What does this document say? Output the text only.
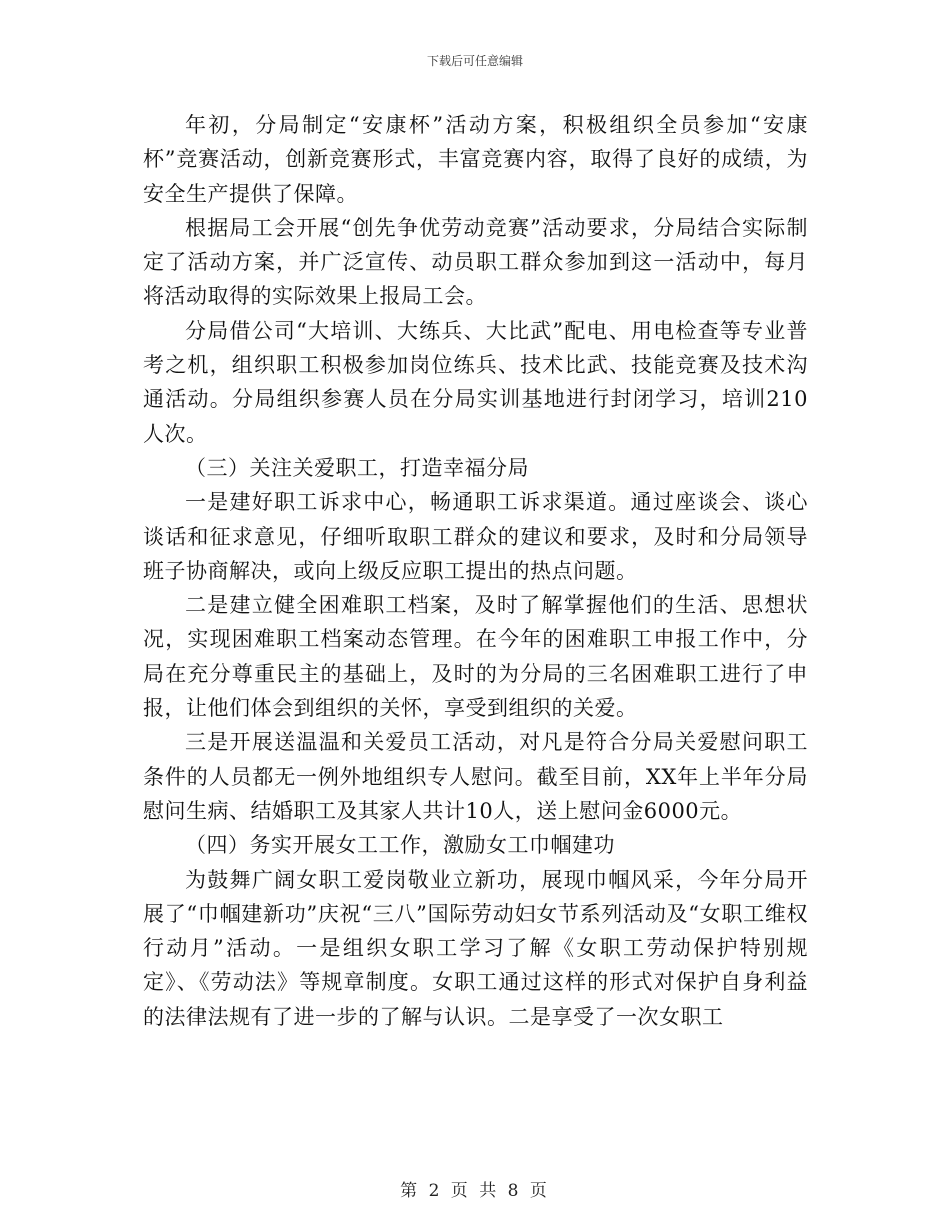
下载后可任意编辑

年初，分局制定“安康杯”活动方案，积极组织全员参加“安康杯”竞赛活动，创新竞赛形式，丰富竞赛内容，取得了良好的成绩，为安全生产提供了保障。

根据局工会开展“创先争优劳动竞赛”活动要求，分局结合实际制定了活动方案，并广泛宣传、动员职工群众参加到这一活动中，每月将活动取得的实际效果上报局工会。

分局借公司“大培训、大练兵、大比武”配电、用电检查等专业普考之机，组织职工积极参加岗位练兵、技术比武、技能竞赛及技术沟通活动。分局组织参赛人员在分局实训基地进行封闭学习，培训210人次。

（三）关注关爱职工，打造幸福分局

一是建好职工诉求中心，畅通职工诉求渠道。通过座谈会、谈心谈话和征求意见，仔细听取职工群众的建议和要求，及时和分局领导班子协商解决，或向上级反应职工提出的热点问题。

二是建立健全困难职工档案，及时了解掌握他们的生活、思想状况，实现困难职工档案动态管理。在今年的困难职工申报工作中，分局在充分尊重民主的基础上，及时的为分局的三名困难职工进行了申报，让他们体会到组织的关怀，享受到组织的关爱。

三是开展送温温和关爱员工活动，对凡是符合分局关爱慰问职工条件的人员都无一例外地组织专人慰问。截至目前，XX年上半年分局慰问生病、结婚职工及其家人共计10人，送上慰问金6000元。

（四）务实开展女工工作，激励女工巾帼建功

为鼓舞广阔女职工爱岗敬业立新功，展现巾帼风采，今年分局开展了“巾帼建新功”庆祝“三八”国际劳动妇女节系列活动及“女职工维权行动月”活动。一是组织女职工学习了解《女职工劳动保护特别规定》、《劳动法》等规章制度。女职工通过这样的形式对保护自身利益的法律法规有了进一步的了解与认识。二是享受了一次女职工

第 2 页 共 8 页
